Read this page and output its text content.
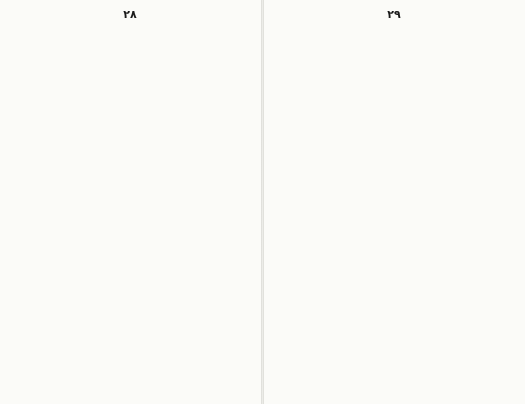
۲۸	۲۹
